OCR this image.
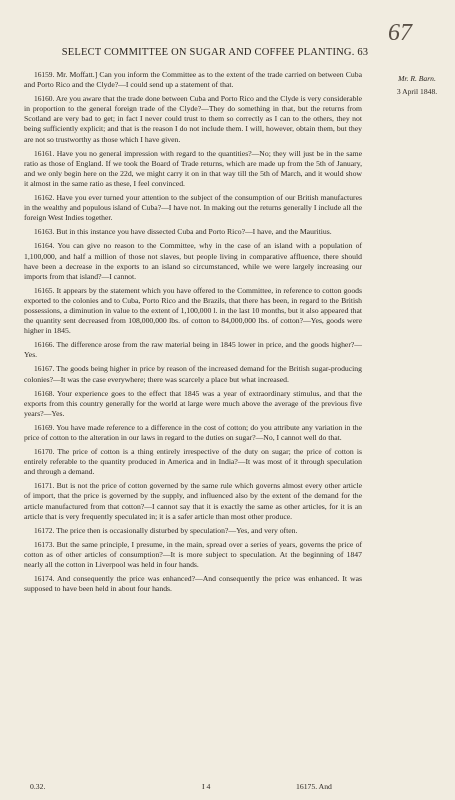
SELECT COMMITTEE ON SUGAR AND COFFEE PLANTING. 63
67
Mr. R. Barn.
3 April 1848.

16159. Mr. Moffatt.] Can you inform the Committee as to the extent of the trade carried on between Cuba and Porto Rico and the Clyde?—I could send up a statement of that.

16160. Are you aware that the trade done between Cuba and Porto Rico and the Clyde is very considerable in proportion to the general foreign trade of the Clyde?—They do something in that, but the returns from Scotland are very bad to get; in fact I never could trust to them so correctly as I can to the others, they not being sufficiently explicit; and that is the reason I do not include them. I will, however, obtain them, but they are not so trustworthy as those which I have given.

16161. Have you no general impression with regard to the quantities?—No; they will just be in the same ratio as those of England. If we took the Board of Trade returns, which are made up from the 5th of January, and we only begin here on the 22d, we might carry it on in that way till the 5th of March, and it would show it almost in the same ratio as these, I feel convinced.

16162. Have you ever turned your attention to the subject of the consumption of our British manufactures in the wealthy and populous island of Cuba?—I have not. In making out the returns generally I include all the foreign West Indies together.

16163. But in this instance you have dissected Cuba and Porto Rico?—I have, and the Mauritius.

16164. You can give no reason to the Committee, why in the case of an island with a population of 1,100,000, and half a million of those not slaves, but people living in comparative affluence, there should have been a decrease in the exports to an island so circumstanced, while we were largely increasing our imports from that island?—I cannot.

16165. It appears by the statement which you have offered to the Committee, in reference to cotton goods exported to the colonies and to Cuba, Porto Rico and the Brazils, that there has been, in regard to the British possessions, a diminution in value to the extent of 1,100,000 l. in the last 10 months, but it also appeared that the quantity sent decreased from 108,000,000 lbs. of cotton to 84,000,000 lbs. of cotton?—Yes, goods were higher in 1845.

16166. The difference arose from the raw material being in 1845 lower in price, and the goods higher?—Yes.

16167. The goods being higher in price by reason of the increased demand for the British sugar-producing colonies?—It was the case everywhere; there was scarcely a place but what increased.

16168. Your experience goes to the effect that 1845 was a year of extraordinary stimulus, and that the exports from this country generally for the world at large were much above the average of the previous five years?—Yes.

16169. You have made reference to a difference in the cost of cotton; do you attribute any variation in the price of cotton to the alteration in our laws in regard to the duties on sugar?—No, I cannot well do that.

16170. The price of cotton is a thing entirely irrespective of the duty on sugar; the price of cotton is entirely referable to the quantity produced in America and in India?—It was most of it through speculation and through a demand.

16171. But is not the price of cotton governed by the same rule which governs almost every other article of import, that the price is governed by the supply, and influenced also by the extent of the demand for the article manufactured from that cotton?—I cannot say that it is exactly the same as other articles, for it is an article that is very frequently speculated in; it is a safer article than most other produce.

16172. The price then is occasionally disturbed by speculation?—Yes, and very often.

16173. But the same principle, I presume, in the main, spread over a series of years, governs the price of cotton as of other articles of consumption?—It is more subject to speculation. At the beginning of 1847 nearly all the cotton in Liverpool was held in four hands.

16174. And consequently the price was enhanced?—And consequently the price was enhanced. It was supposed to have been held in about four hands.

0.32.	I 4	16175. And
